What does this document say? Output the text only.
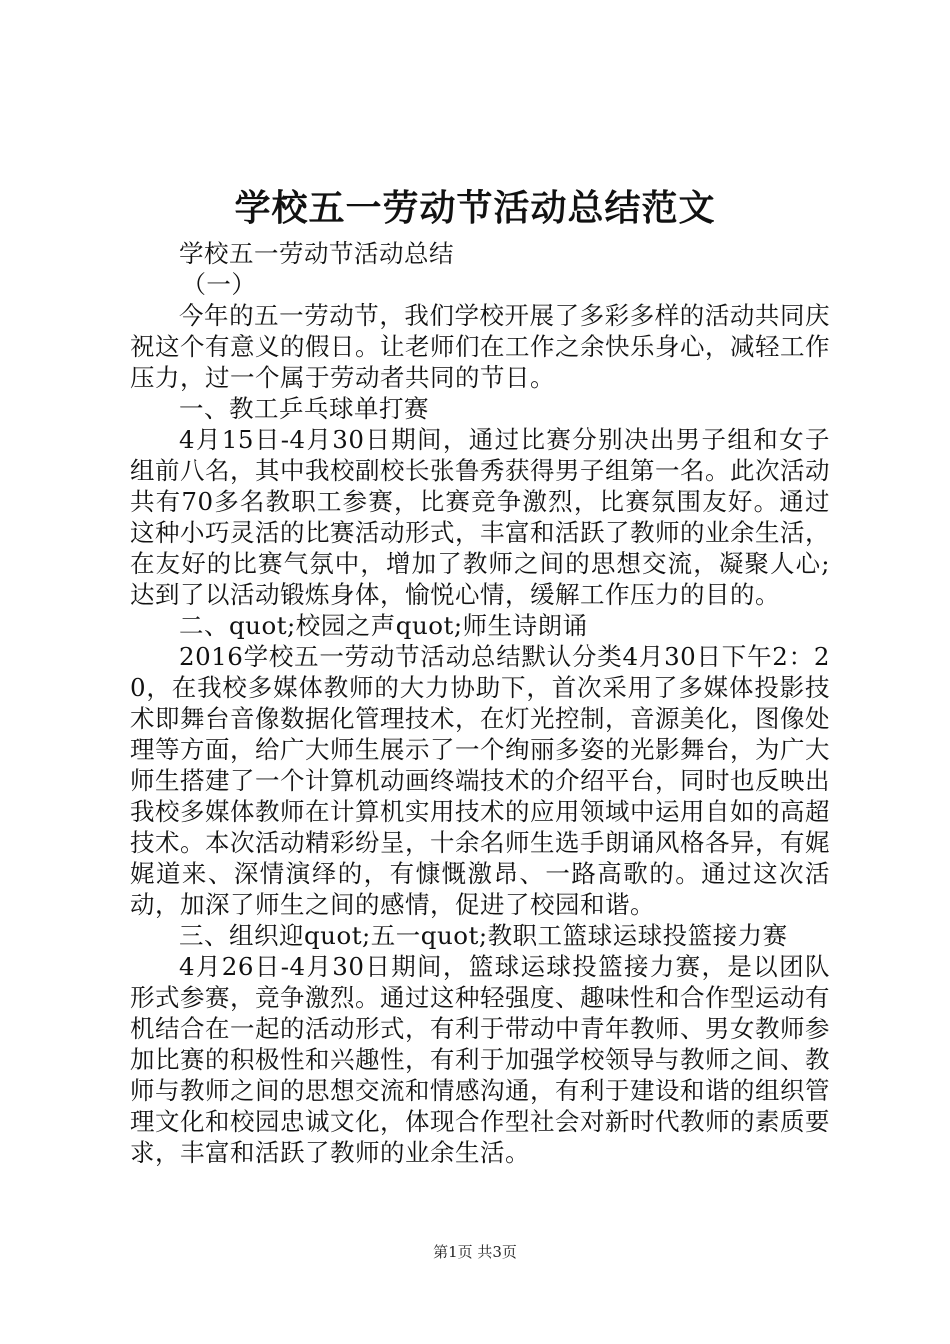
学校五一劳动节活动总结范文

学校五一劳动节活动总结

（一）

今年的五一劳动节，我们学校开展了多彩多样的活动共同庆祝这个有意义的假日。让老师们在工作之余快乐身心，减轻工作压力，过一个属于劳动者共同的节日。

一、教工乒乓球单打赛

4月15日-4月30日期间，通过比赛分别决出男子组和女子组前八名，其中我校副校长张鲁秀获得男子组第一名。此次活动共有70多名教职工参赛，比赛竞争激烈，比赛氛围友好。通过这种小巧灵活的比赛活动形式，丰富和活跃了教师的业余生活，在友好的比赛气氛中，增加了教师之间的思想交流，凝聚人心;达到了以活动锻炼身体，愉悦心情，缓解工作压力的目的。

二、quot;校园之声quot;师生诗朗诵

2016学校五一劳动节活动总结默认分类4月30日下午2：20，在我校多媒体教师的大力协助下，首次采用了多媒体投影技术即舞台音像数据化管理技术，在灯光控制，音源美化，图像处理等方面，给广大师生展示了一个绚丽多姿的光影舞台，为广大师生搭建了一个计算机动画终端技术的介绍平台，同时也反映出我校多媒体教师在计算机实用技术的应用领域中运用自如的高超技术。本次活动精彩纷呈，十余名师生选手朗诵风格各异，有娓娓道来、深情演绎的，有慷慨激昂、一路高歌的。通过这次活动，加深了师生之间的感情，促进了校园和谐。

三、组织迎quot;五一quot;教职工篮球运球投篮接力赛

4月26日-4月30日期间，篮球运球投篮接力赛，是以团队形式参赛，竞争激烈。通过这种轻强度、趣味性和合作型运动有机结合在一起的活动形式，有利于带动中青年教师、男女教师参加比赛的积极性和兴趣性，有利于加强学校领导与教师之间、教师与教师之间的思想交流和情感沟通，有利于建设和谐的组织管理文化和校园忠诚文化，体现合作型社会对新时代教师的素质要求，丰富和活跃了教师的业余生活。

第1页 共3页
